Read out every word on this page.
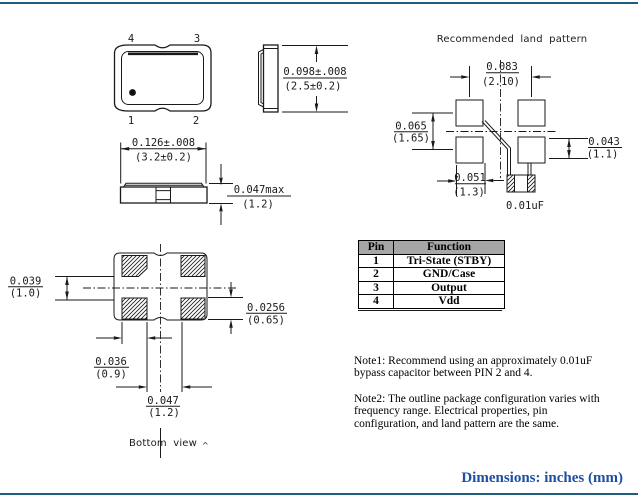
4	3
1	2
0.098±.008
(2.5±0.2)
0.126±.008
(3.2±0.2)
0.047max
(1.2)
Recommended land pattern
0.01uF
0.083
(2.10)
0.065
(1.65)	0.043
(1.1)
0.051
(1.3)
0.039
(1.0)
0.0256
(0.65)
0.036
(0.9)
0.047
(1.2)
Bottom view ^
Pin	Function
1	Tri-State (STBY)
2	GND/Case
3	Output
4	Vdd
Note1: Recommend using an approximately 0.01uF
bypass capacitor between PIN 2 and 4.
Note2: The outline package configuration varies with
frequency range. Electrical properties, pin
configuration, and land pattern are the same.
Dimensions: inches (mm)
